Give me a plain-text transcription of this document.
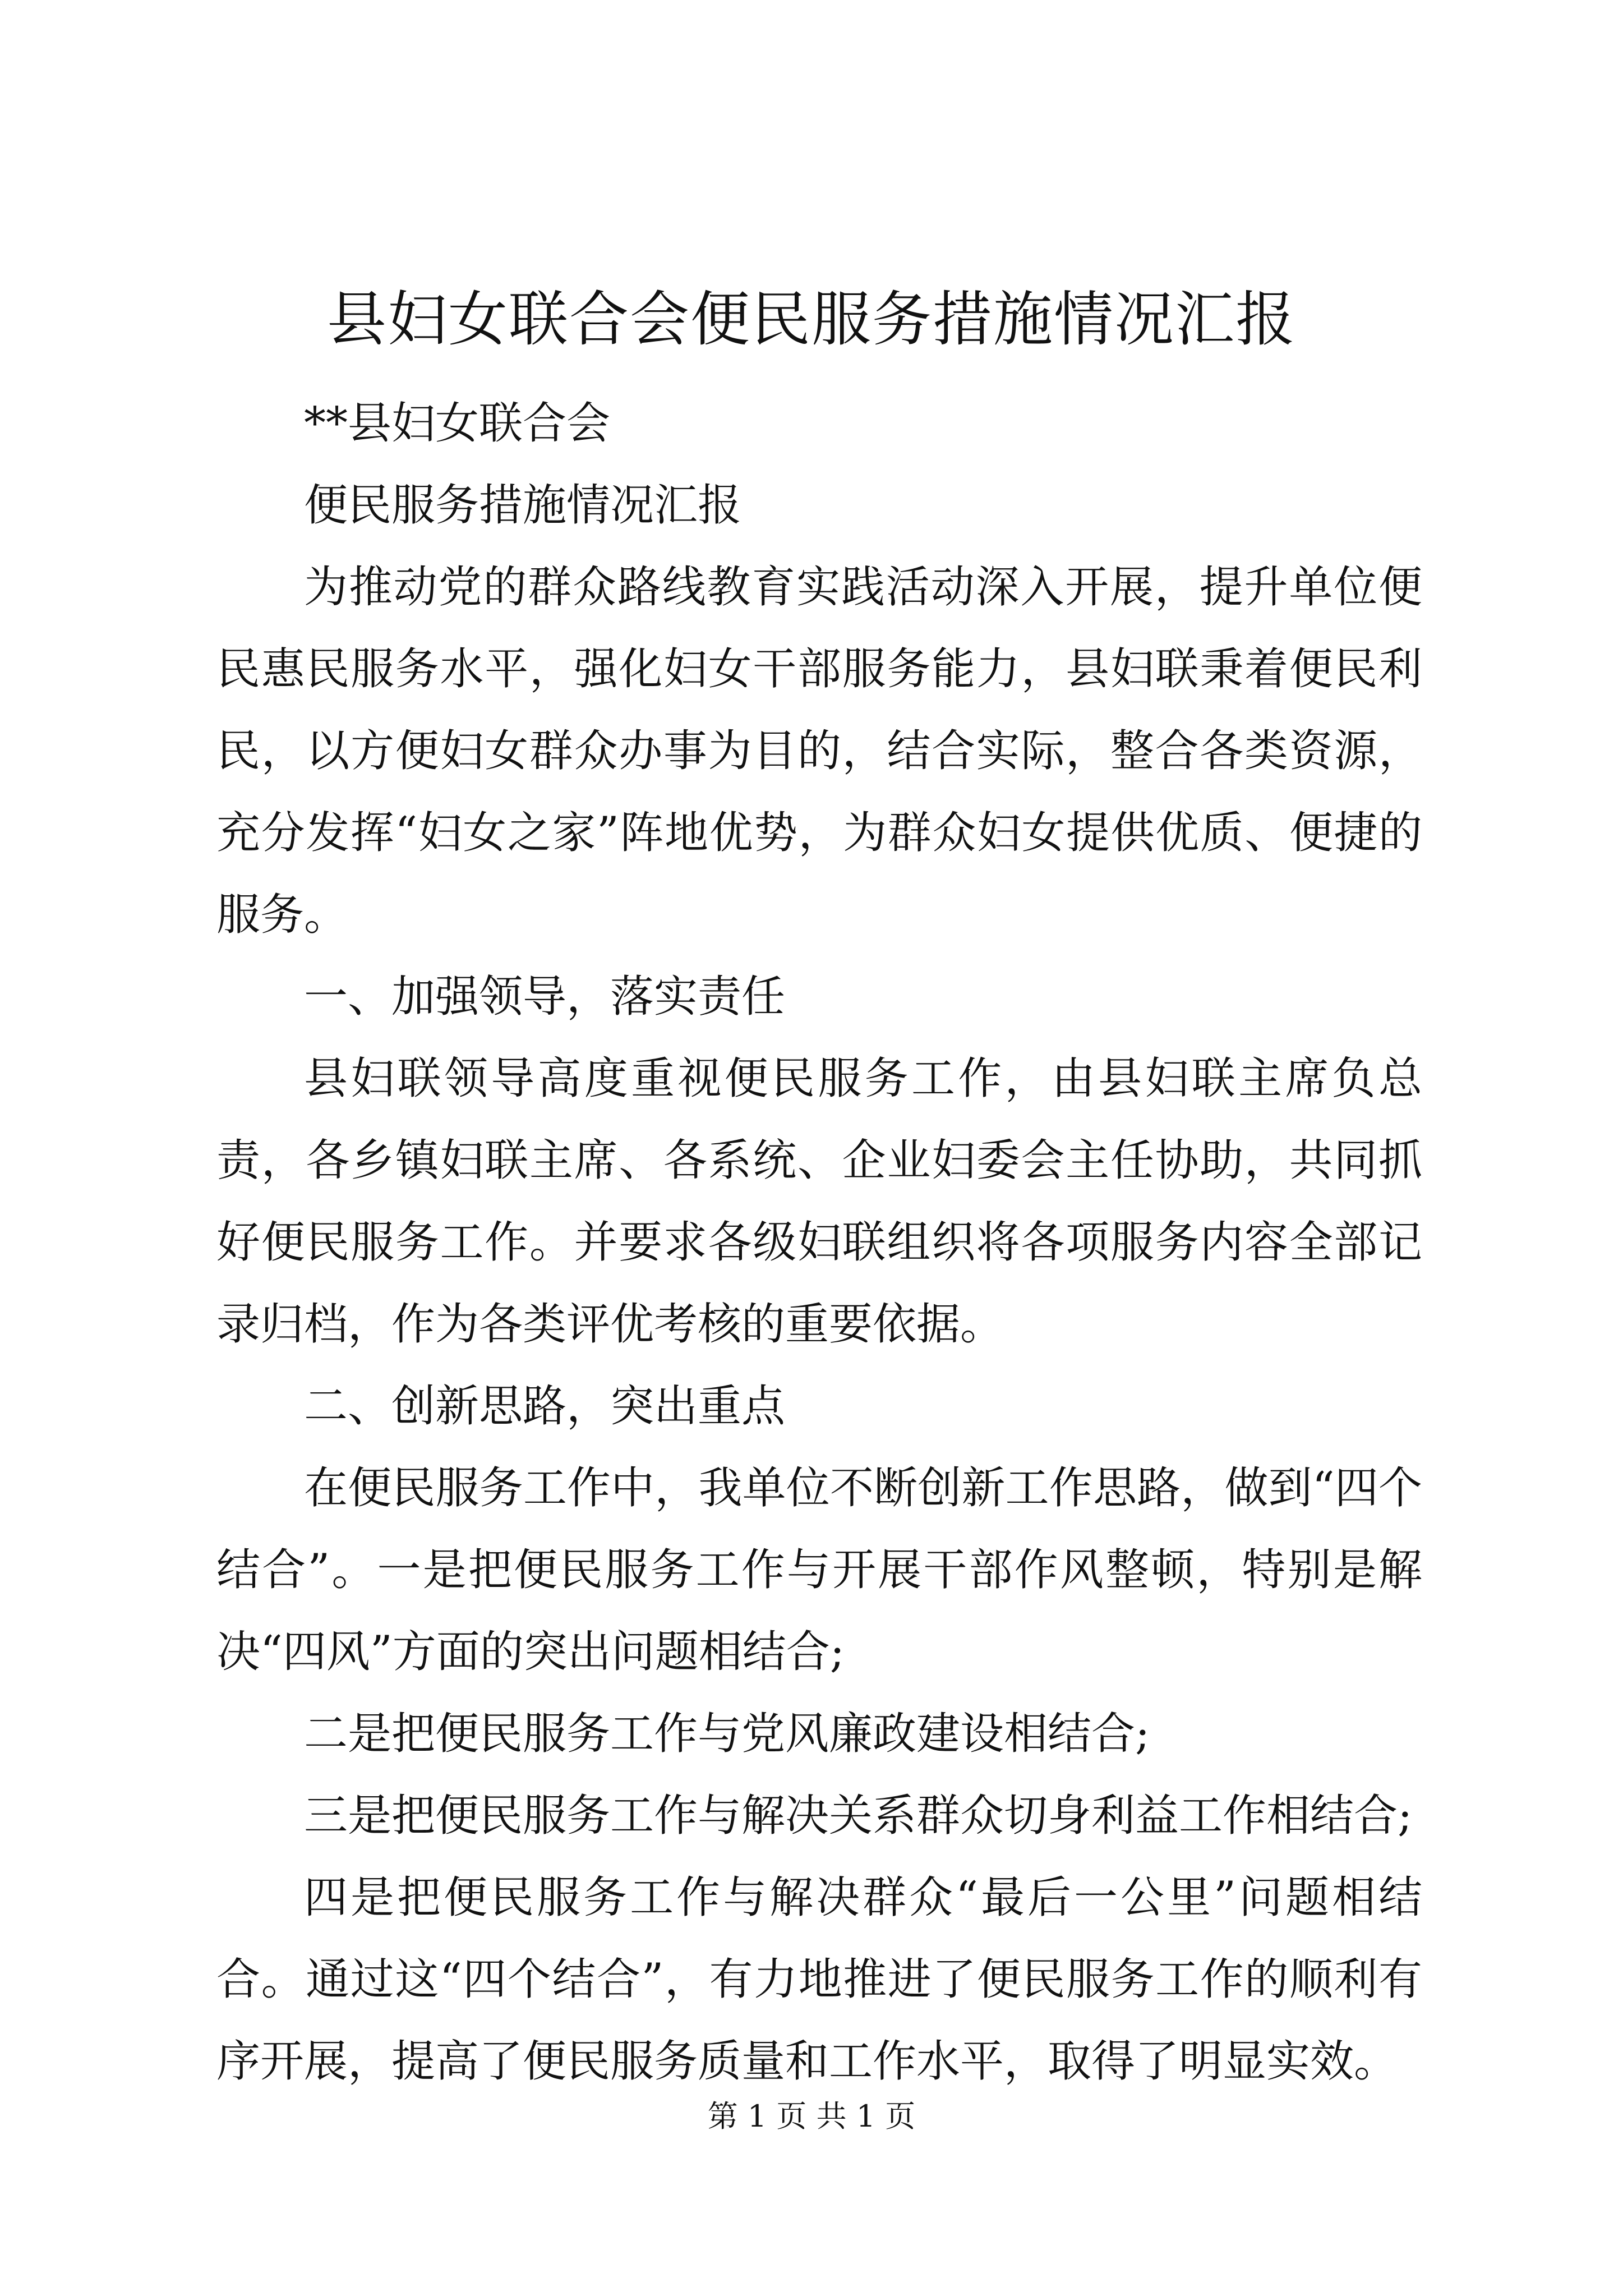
县妇女联合会便民服务措施情况汇报

**县妇女联合会

便民服务措施情况汇报

为推动党的群众路线教育实践活动深入开展，提升单位便民惠民服务水平，强化妇女干部服务能力，县妇联秉着便民利民，以方便妇女群众办事为目的，结合实际，整合各类资源，充分发挥“妇女之家”阵地优势，为群众妇女提供优质、便捷的服务。

一、加强领导，落实责任

县妇联领导高度重视便民服务工作，由县妇联主席负总责，各乡镇妇联主席、各系统、企业妇委会主任协助，共同抓好便民服务工作。并要求各级妇联组织将各项服务内容全部记录归档，作为各类评优考核的重要依据。

二、创新思路，突出重点

在便民服务工作中，我单位不断创新工作思路，做到“四个结合”。一是把便民服务工作与开展干部作风整顿，特别是解决“四风”方面的突出问题相结合;

二是把便民服务工作与党风廉政建设相结合;

三是把便民服务工作与解决关系群众切身利益工作相结合;

四是把便民服务工作与解决群众“最后一公里”问题相结合。通过这“四个结合”，有力地推进了便民服务工作的顺利有序开展，提高了便民服务质量和工作水平，取得了明显实效。

第 1 页 共 1 页
